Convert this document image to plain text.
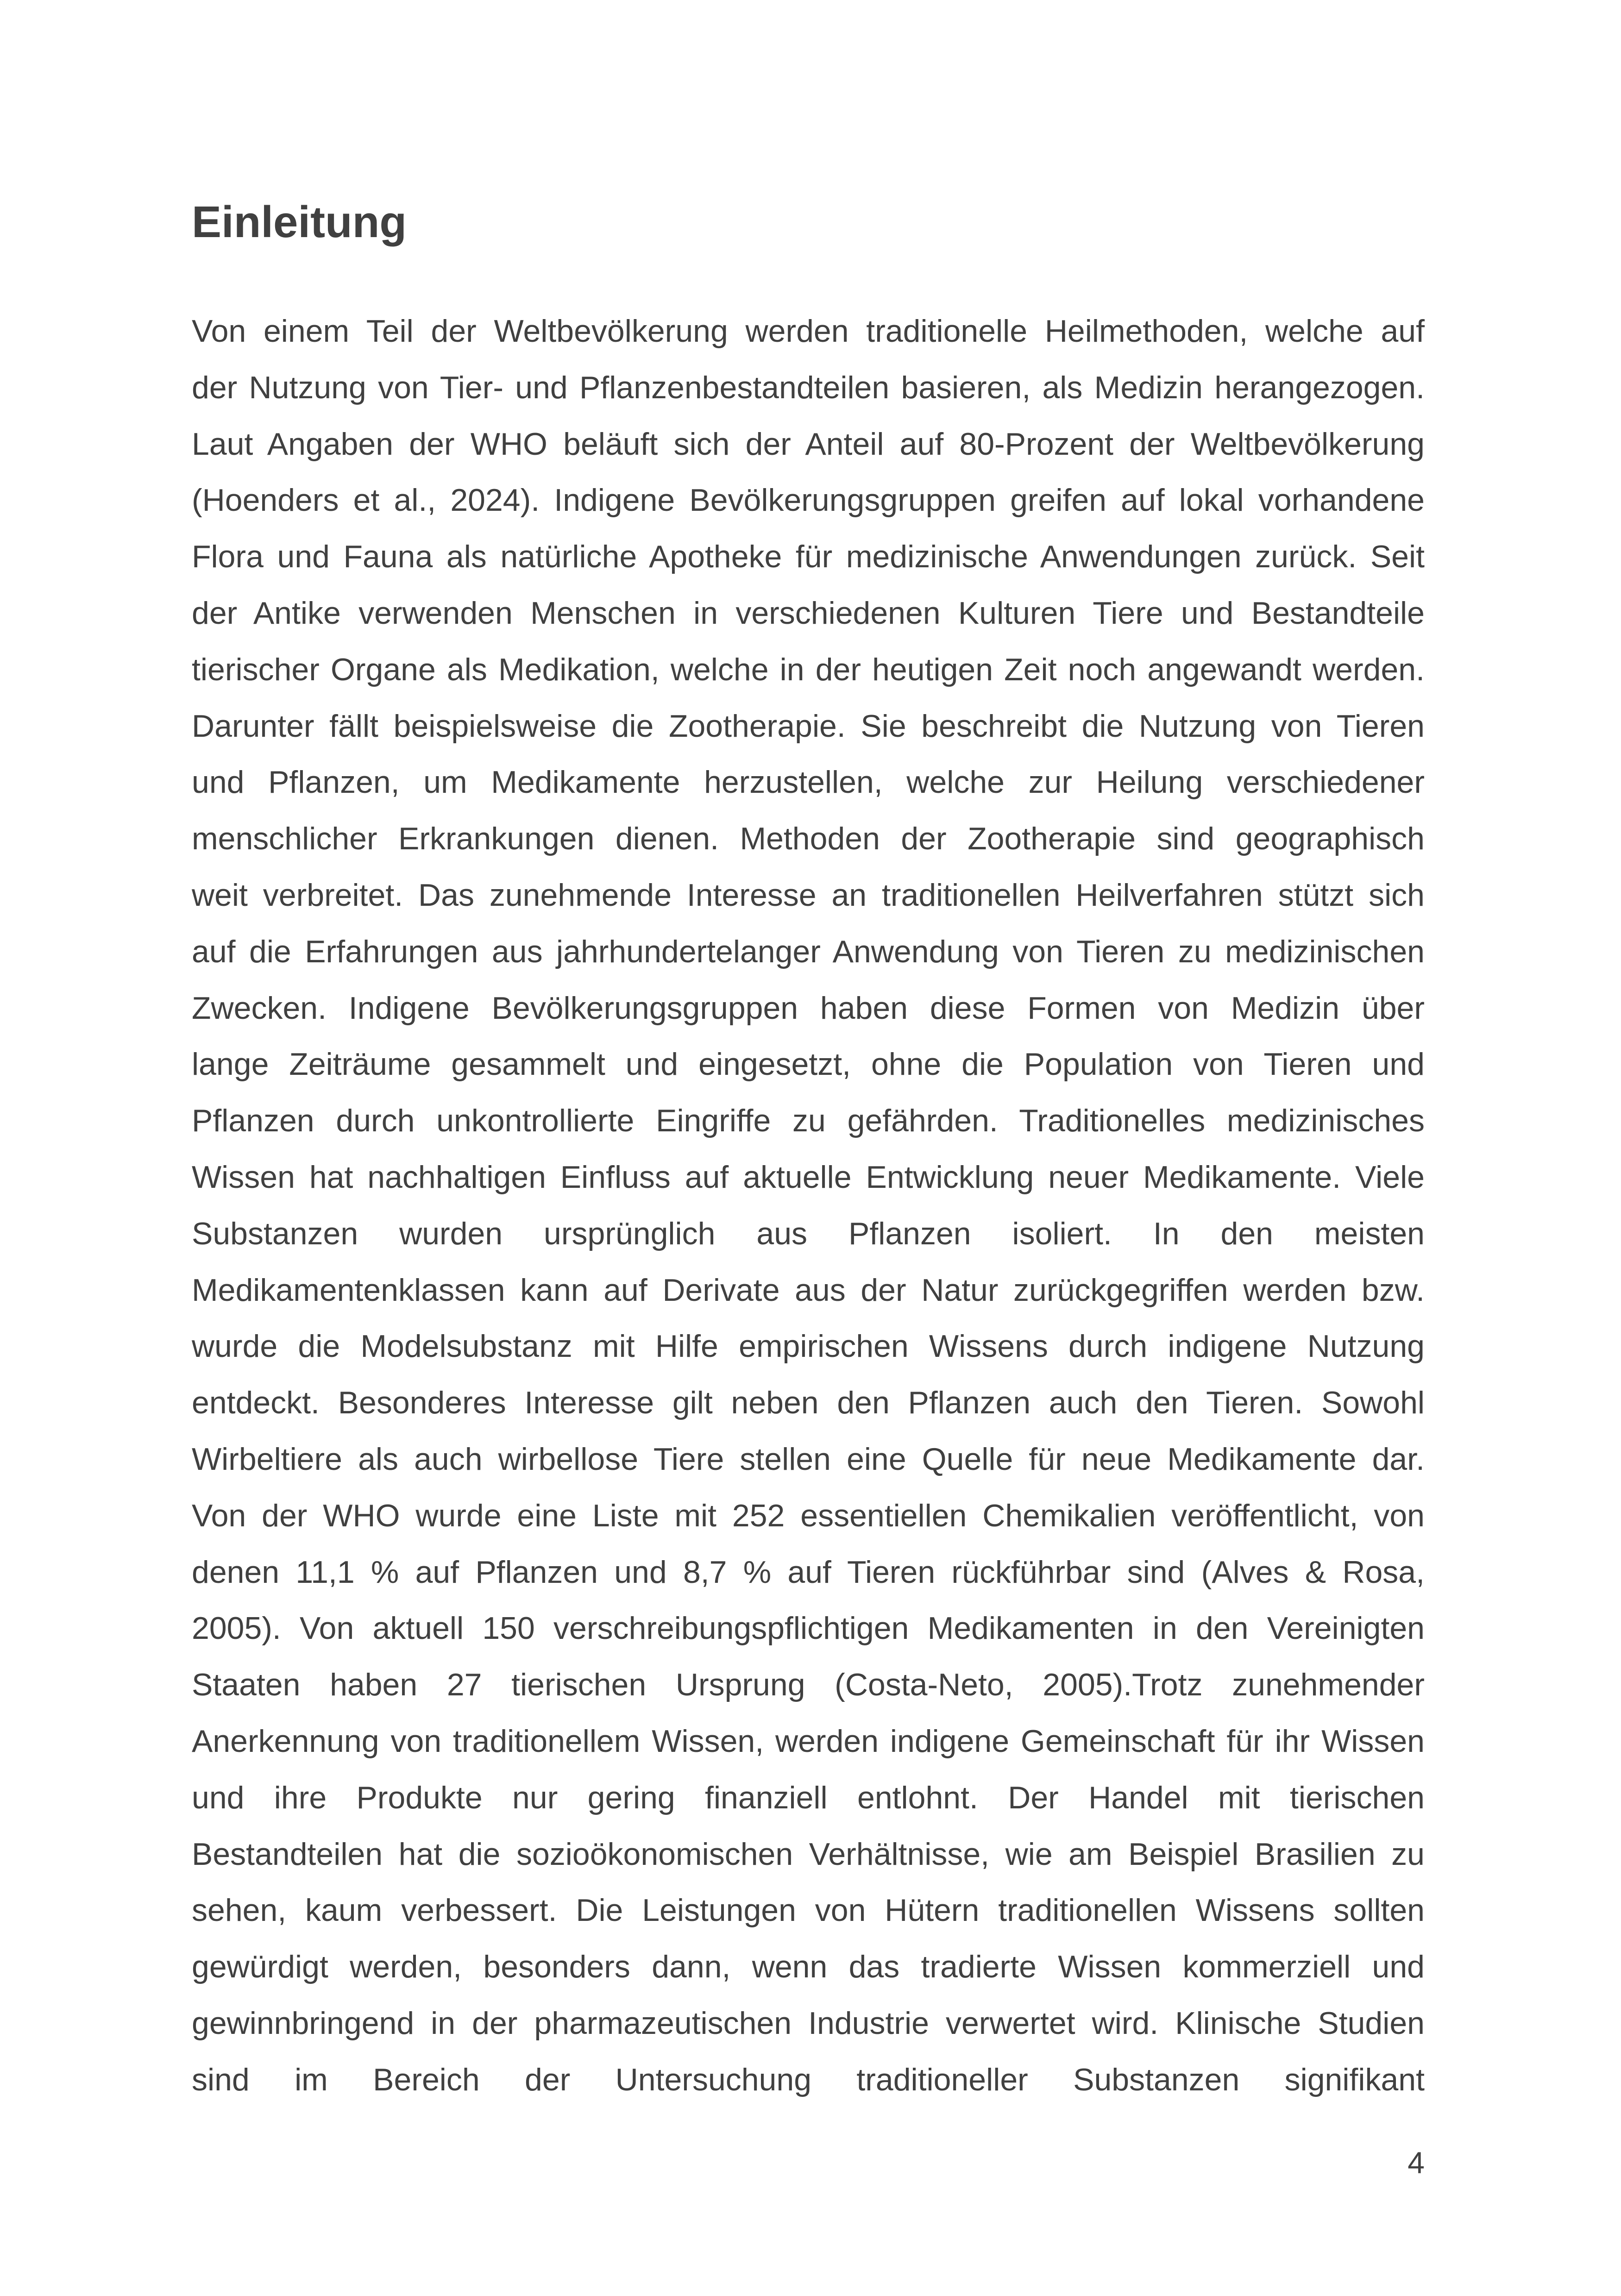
Einleitung
Von einem Teil der Weltbevölkerung werden traditionelle Heilmethoden, welche auf
der Nutzung von Tier- und Pflanzenbestandteilen basieren, als Medizin herangezogen.
Laut Angaben der WHO beläuft sich der Anteil auf 80-Prozent der Weltbevölkerung
(Hoenders et al., 2024). Indigene Bevölkerungsgruppen greifen auf lokal vorhandene
Flora und Fauna als natürliche Apotheke für medizinische Anwendungen zurück. Seit
der Antike verwenden Menschen in verschiedenen Kulturen Tiere und Bestandteile
tierischer Organe als Medikation, welche in der heutigen Zeit noch angewandt werden.
Darunter fällt beispielsweise die Zootherapie. Sie beschreibt die Nutzung von Tieren
und Pflanzen, um Medikamente herzustellen, welche zur Heilung verschiedener
menschlicher Erkrankungen dienen. Methoden der Zootherapie sind geographisch
weit verbreitet. Das zunehmende Interesse an traditionellen Heilverfahren stützt sich
auf die Erfahrungen aus jahrhundertelanger Anwendung von Tieren zu medizinischen
Zwecken. Indigene Bevölkerungsgruppen haben diese Formen von Medizin über
lange Zeiträume gesammelt und eingesetzt, ohne die Population von Tieren und
Pflanzen durch unkontrollierte Eingriffe zu gefährden. Traditionelles medizinisches
Wissen hat nachhaltigen Einfluss auf aktuelle Entwicklung neuer Medikamente. Viele
Substanzen wurden ursprünglich aus Pflanzen isoliert. In den meisten
Medikamentenklassen kann auf Derivate aus der Natur zurückgegriffen werden bzw.
wurde die Modelsubstanz mit Hilfe empirischen Wissens durch indigene Nutzung
entdeckt. Besonderes Interesse gilt neben den Pflanzen auch den Tieren. Sowohl
Wirbeltiere als auch wirbellose Tiere stellen eine Quelle für neue Medikamente dar.
Von der WHO wurde eine Liste mit 252 essentiellen Chemikalien veröffentlicht, von
denen 11,1 % auf Pflanzen und 8,7 % auf Tieren rückführbar sind (Alves & Rosa,
2005). Von aktuell 150 verschreibungspflichtigen Medikamenten in den Vereinigten
Staaten haben 27 tierischen Ursprung (Costa-Neto, 2005).Trotz zunehmender
Anerkennung von traditionellem Wissen, werden indigene Gemeinschaft für ihr Wissen
und ihre Produkte nur gering finanziell entlohnt. Der Handel mit tierischen
Bestandteilen hat die sozioökonomischen Verhältnisse, wie am Beispiel Brasilien zu
sehen, kaum verbessert. Die Leistungen von Hütern traditionellen Wissens sollten
gewürdigt werden, besonders dann, wenn das tradierte Wissen kommerziell und
gewinnbringend in der pharmazeutischen Industrie verwertet wird. Klinische Studien
sind im Bereich der Untersuchung traditioneller Substanzen signifikant
4
